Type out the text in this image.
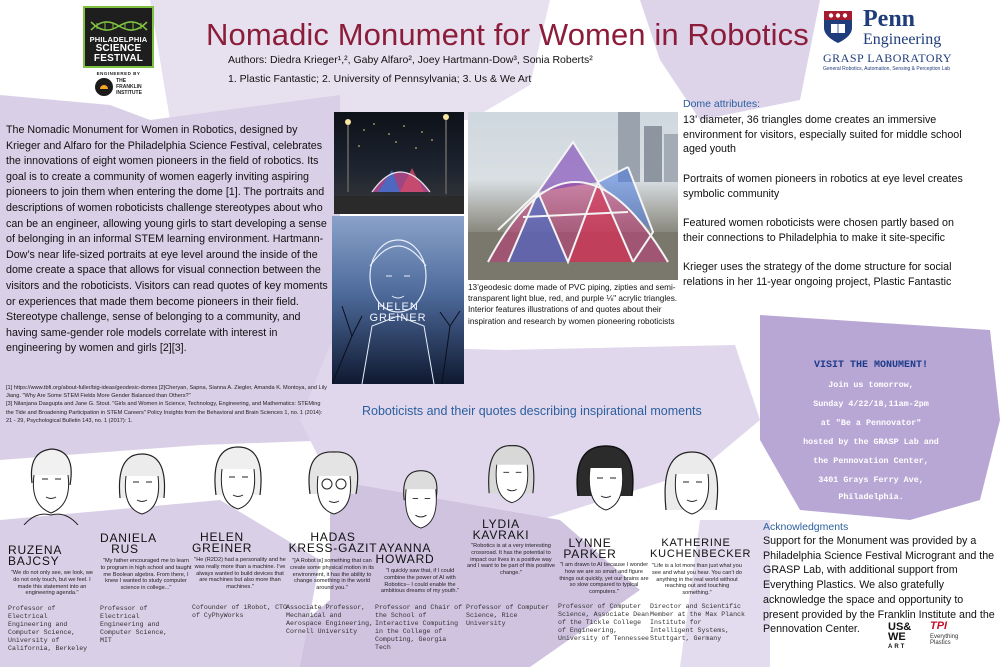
PHILADELPHIA
SCIENCE
FESTIVAL
ENGINEERED BY
THE
FRANKLIN
INSTITUTE
Nomadic Monument for Women in Robotics
Authors: Diedra Krieger¹,², Gaby Alfaro², Joey Hartmann-Dow³, Sonia Roberts²
1. Plastic Fantastic; 2. University of Pennsylvania; 3. Us & We Art
Penn
Engineering
GRASP LABORATORY
General Robotics, Automation, Sensing & Perception Lab
The Nomadic Monument for Women in Robotics, designed by Krieger and Alfaro for the Philadelphia Science Festival, celebrates the innovations of eight women pioneers in the field of robotics. Its goal is to create a community of women eagerly inviting aspiring pioneers to join them when entering the dome [1]. The portraits and descriptions of women roboticists challenge stereotypes about who can be an engineer, allowing young girls to start developing a sense of belonging in an informal STEM learning environment. Hartmann-Dow’s near life-sized portraits at eye level around the inside of the dome create a space that allows for visual connection between the visitors and the roboticists. Visitors can read quotes of key moments or experiences that made them become pioneers in their field. Stereotype challenge, sense of belonging to a community, and having same-gender role models correlate with interest in engineering by women and girls [2][3].
[1] https://www.tbfi.org/about-fuller/big-ideas/geodesic-domes [2]Cheryan, Sapna, Sianna A. Ziegler, Amanda K. Montoya, and Lily Jiang. "Why Are Some STEM Fields More Gender Balanced than Others?"
[3] Nilanjana Dasgupta and Jane G. Stout. "Girls and Women in Science, Technology, Engineering, and Mathematics: STEMing the Tide and Broadening Participation in STEM Careers" Policy Insights from the Behavioral and Brain Sciences 1, no. 1 (2014): 21 - 29, Psychological Bulletin 143, no. 1 (2017): 1.
HELEN
GREINER
13’geodesic dome made of PVC piping, zipties and semi-transparent light blue, red, and purple ⅛" acrylic triangles. Interior features illustrations of and quotes about their inspiration and research by women pioneering roboticists
Dome attributes:

13’ diameter, 36 triangles dome creates an immersive environment for visitors, especially suited for middle school aged youth

Portraits of women pioneers in robotics at eye level creates symbolic community

Featured women roboticists were chosen partly based on their connections to Philadelphia to make it site-specific

Krieger uses the strategy of the dome structure for social relations in her 11-year ongoing project, Plastic Fantastic

VISIT THE MONUMENT!
Join us tomorrow,
Sunday 4/22/18,11am-2pm
at "Be a Pennovator"
hosted by the GRASP Lab and
the Pennovation Center,
3401 Grays Ferry Ave,
Philadelphia.
Acknowledgments
Support for the Monument was provided by a Philadelphia Science Festival Microgrant and the GRASP Lab, with additional support from Everything Plastics. We also gratefully acknowledge the space and opportunity to present provided by the Franklin Institute and the Pennovation Center.	US&
WE
ART
TPI
Everything
Plastics
Roboticists and their quotes describing inspirational moments
RUZENA
BAJCSY
"We do not only see, we look, we do not only touch, but we feel. I made this statement into an engineering agenda."
Professor of Electrical Engineering and Computer Science, University of California, Berkeley
DANIELA
RUS
"My father encouraged me to learn to program in high school and taught me Boolean algebra. From there, I knew I wanted to study computer science in college..."
Professor of Electrical Engineering and Computer Science, MIT
HELEN
GREINER
"He (R2D2) had a personality and he was really more than a machine. I’ve always wanted to build devices that are machines but also more than machines."
Cofounder of iRobot, CTO of CyPhyWorks
HADAS
KRESS-GAZIT
"[A Robot is] something that can create some physical motion in its environment, it has the ability to change something in the world around you."
Associate Professor, Mechanical and Aerospace Engineering, Cornell University
AYANNA
HOWARD
"I quickly saw that, if I could combine the power of AI with Robotics-- I could enable the ambitious dreams of my youth."
Professor and Chair of the School of Interactive Computing in the College of Computing, Georgia Tech
LYDIA
KAVRAKI
"Robotics is at a very interesting crossroad. It has the potential to impact our lives in a positive way and I want to be part of this positive change."
Professor of Computer Science, Rice University
LYNNE
PARKER
"I am drawn to AI because I wonder how we are so smart and figure things out quickly, yet our brains are so slow compared to typical computers."
Professor of Computer Science, Associate Dean of the Tickle College of Engineering, University of Tennessee
KATHERINE
KUCHENBECKER
"Life is a lot more than just what you see and what you hear. You can’t do anything in the real world without reaching out and touching something."
Director and Scientific Member at the Max Planck Institute for Intelligent Systems, Stuttgart, Germany
